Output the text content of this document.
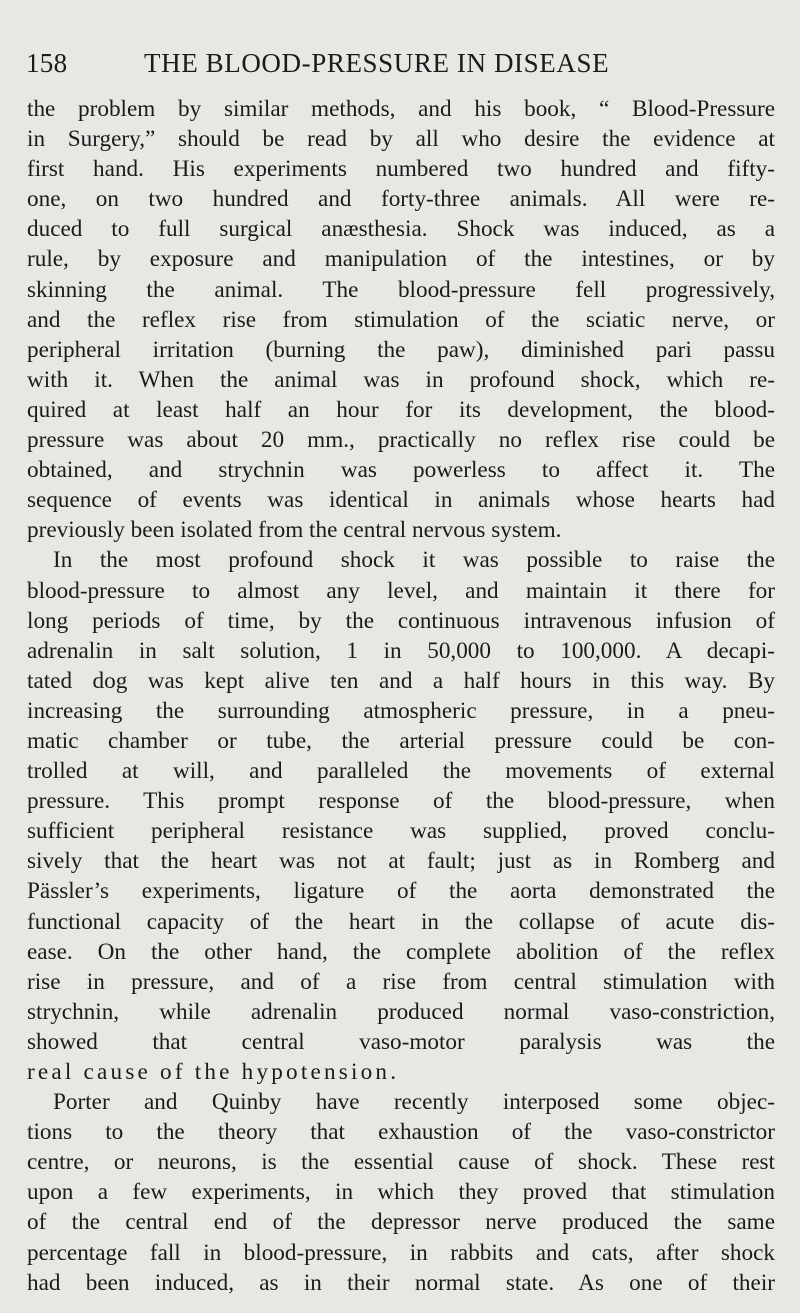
158	THE BLOOD-PRESSURE IN DISEASE
the problem by similar methods, and his book, “ Blood-Pressure
in Surgery,” should be read by all who desire the evidence at
first hand. His experiments numbered two hundred and fifty-
one, on two hundred and forty-three animals. All were re-
duced to full surgical anæsthesia. Shock was induced, as a
rule, by exposure and manipulation of the intestines, or by
skinning the animal. The blood-pressure fell progressively,
and the reflex rise from stimulation of the sciatic nerve, or
peripheral irritation (burning the paw), diminished pari passu
with it. When the animal was in profound shock, which re-
quired at least half an hour for its development, the blood-
pressure was about 20 mm., practically no reflex rise could be
obtained, and strychnin was powerless to affect it. The
sequence of events was identical in animals whose hearts had
previously been isolated from the central nervous system.
In the most profound shock it was possible to raise the
blood-pressure to almost any level, and maintain it there for
long periods of time, by the continuous intravenous infusion of
adrenalin in salt solution, 1 in 50,000 to 100,000. A decapi-
tated dog was kept alive ten and a half hours in this way. By
increasing the surrounding atmospheric pressure, in a pneu-
matic chamber or tube, the arterial pressure could be con-
trolled at will, and paralleled the movements of external
pressure. This prompt response of the blood-pressure, when
sufficient peripheral resistance was supplied, proved conclu-
sively that the heart was not at fault; just as in Romberg and
Pässler’s experiments, ligature of the aorta demonstrated the
functional capacity of the heart in the collapse of acute dis-
ease. On the other hand, the complete abolition of the reflex
rise in pressure, and of a rise from central stimulation with
strychnin, while adrenalin produced normal vaso-constriction,
showed that central vaso-motor paralysis was the
real cause of the hypotension.
Porter and Quinby have recently interposed some objec-
tions to the theory that exhaustion of the vaso-constrictor
centre, or neurons, is the essential cause of shock. These rest
upon a few experiments, in which they proved that stimulation
of the central end of the depressor nerve produced the same
percentage fall in blood-pressure, in rabbits and cats, after shock
had been induced, as in their normal state. As one of their
